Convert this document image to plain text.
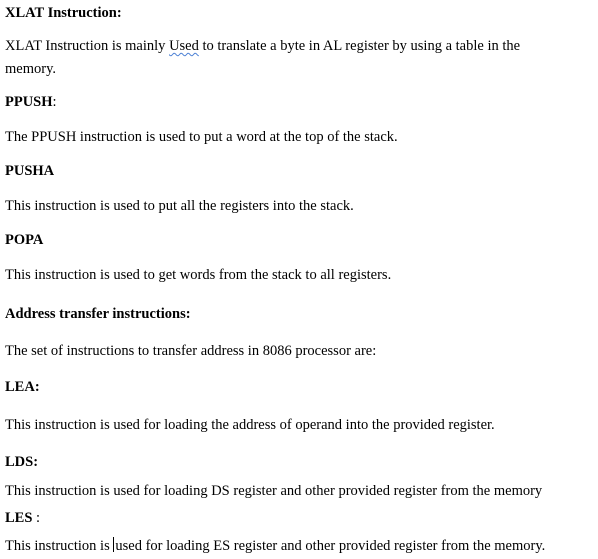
XLAT Instruction:
XLAT Instruction is mainly Used to translate a byte in AL register by using a table in the
memory.
PPUSH:
The PPUSH instruction is used to put a word at the top of the stack.
PUSHA
This instruction is used to put all the registers into the stack.
POPA
This instruction is used to get words from the stack to all registers.
Address transfer instructions:
The set of instructions to transfer address in 8086 processor are:
LEA:
This instruction is used for loading the address of operand into the provided register.
LDS:
This instruction is used for loading DS register and other provided register from the memory
LES :
This instruction is used for loading ES register and other provided register from the memory.
